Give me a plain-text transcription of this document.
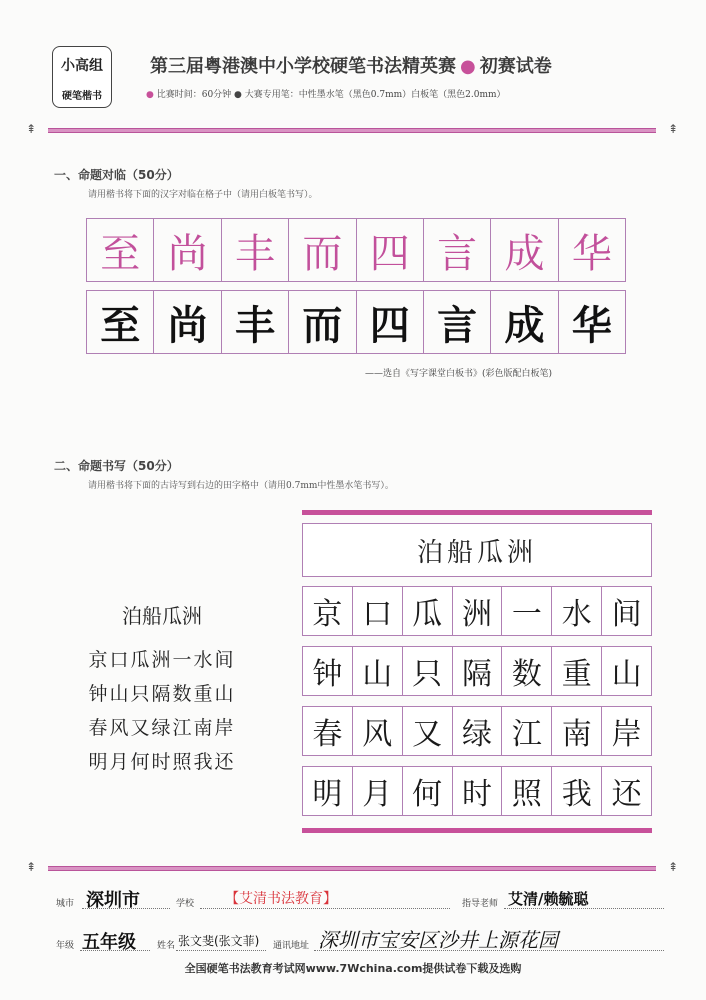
小高组
硬笔楷书
第三届粤港澳中小学校硬笔书法精英赛 ● 初赛试卷
● 比赛时间：60分钟 ● 大赛专用笔：中性墨水笔（黑色0.7mm）白板笔（黑色2.0mm）
⇞	⇞
一、命题对临（50分）
请用楷书将下面的汉字对临在格子中（请用白板笔书写）。
至 尚 丰 而 四 言 成 华
至 尚 丰 而 四 言 成 华
——选自《写字课堂白板书》(彩色版配白板笔)
二、命题书写（50分）
请用楷书将下面的古诗写到右边的田字格中（请用0.7mm中性墨水笔书写）。
泊船瓜洲
京口瓜洲一水间
钟山只隔数重山
春风又绿江南岸
明月何时照我还
泊船瓜洲
京 口 瓜 洲 一 水 间
钟 山 只 隔 数 重 山
春 风 又 绿 江 南 岸
明 月 何 时 照 我 还
⇞	⇞
城市 深圳市	学校 【艾清书法教育】	指导老师 艾清/赖毓聪
年级 五年级 姓名 张文斐(张文菲) 通讯地址 深圳市宝安区沙井上源花园
全国硬笔书法教育考试网www.7Wchina.com提供试卷下载及选购
